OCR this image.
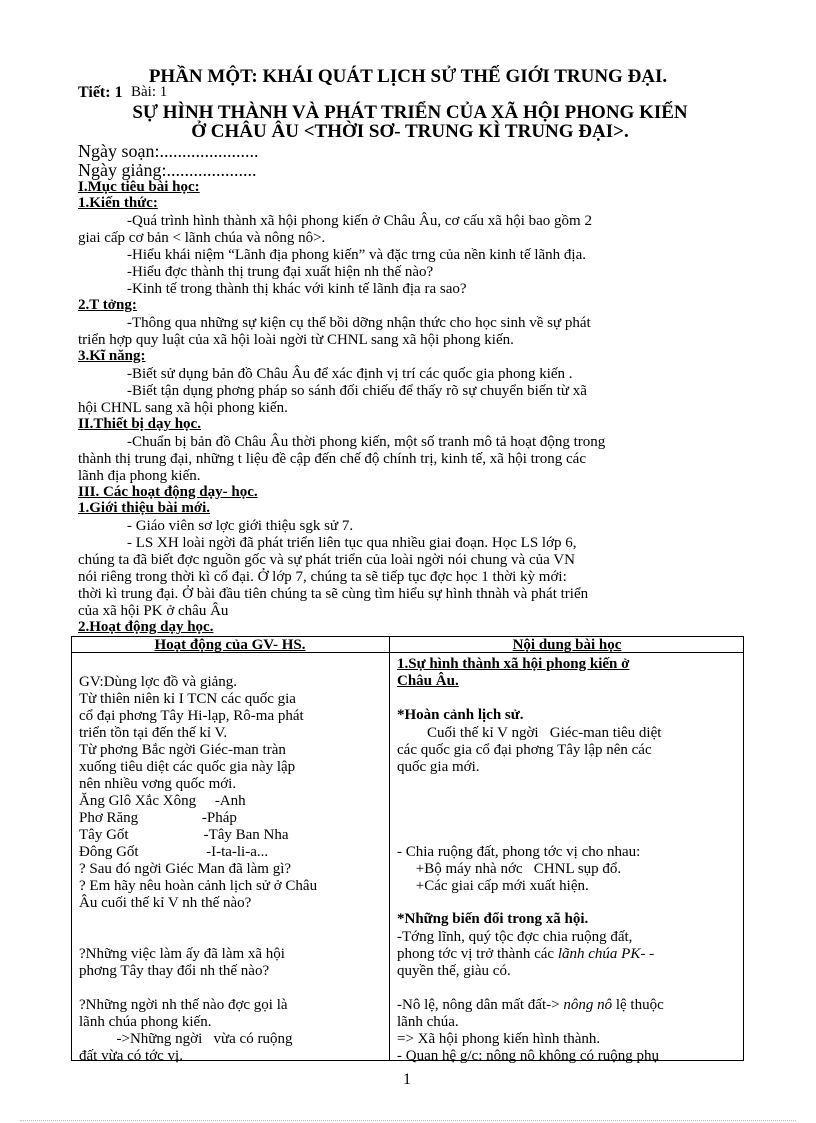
PHẦN MỘT: KHÁI QUÁT LỊCH SỬ THẾ GIỚI TRUNG ĐẠI.
Tiết: 1 Bài: 1
SỰ HÌNH THÀNH VÀ PHÁT TRIỂN CỦA XÃ HỘI PHONG KIẾN
Ở CHÂU ÂU <THỜI SƠ- TRUNG KÌ TRUNG ĐẠI>.
Ngày soạn:......................
Ngày giảng:....................
I.Mục tiêu bài học:
1.Kiến thức:
-Quá trình hình thành xã hội phong kiến ở Châu Âu, cơ cấu xã hội bao gồm 2
giai cấp cơ bản < lãnh chúa và nông nô>.
-Hiểu khái niệm “Lãnh địa phong kiến” và đặc trng của nền kinh tế lãnh địa.
-Hiểu đợc thành thị trung đại xuất hiện nh thế nào?
-Kinh tế trong thành thị khác với kinh tế lãnh địa ra sao?
2.T tởng:
-Thông qua những sự kiện cụ thể bồi dỡng nhận thức cho học sinh về sự phát
triển hợp quy luật của xã hội loài ngời từ CHNL sang xã hội phong kiến.
3.Kĩ năng:
-Biết sử dụng bản đồ Châu Âu để xác định vị trí các quốc gia phong kiến .
-Biết tận dụng phơng pháp so sánh đối chiếu để thấy rõ sự chuyển biến từ xã
hội CHNL sang xã hội phong kiến.
II.Thiết bị dạy học.
-Chuẩn bị bản đồ Châu Âu thời phong kiến, một số tranh mô tả hoạt động trong
thành thị trung đại, những t liệu đề cập đến chế độ chính trị, kinh tế, xã hội trong các
lãnh địa phong kiến.
III. Các hoạt động dạy- học.
1.Giới thiệu bài mới.
- Giáo viên sơ lợc giới thiệu sgk sử 7.
- LS XH loài ngời đã phát triển liên tục qua nhiều giai đoạn. Học LS lớp 6,
chúng ta đã biết đợc nguồn gốc và sự phát triển của loài ngời nói chung và của VN
nói riêng trong thời kì cổ đại. Ở lớp 7, chúng ta sẽ tiếp tục đợc học 1 thời kỳ mới:
thời kì trung đại. Ở bài đầu tiên chúng ta sẽ cùng tìm hiểu sự hình thnàh và phát triển
của xã hội PK ở châu Âu
2.Hoạt động dạy học.
Hoạt động của GV- HS.	Nội dung bài học
GV:Dùng lợc đồ và giảng.
Từ thiên niên kỉ I TCN các quốc gia
cổ đại phơng Tây Hi-lạp, Rô-ma phát
triển tồn tại đến thế kỉ V.
Từ phơng Bắc ngời Giéc-man tràn
xuống tiêu diệt các quốc gia này lập
nên nhiều vơng quốc mới.
Ăng Glô Xắc Xông     -Anh
Phơ Răng                 -Pháp
Tây Gốt                    -Tây Ban Nha
Đông Gốt                  -I-ta-li-a...
? Sau đó ngời Giéc Man đã làm gì?
? Em hãy nêu hoàn cảnh lịch sử ở Châu
Âu cuối thế kỉ V nh thế nào?
?Những việc làm ấy đã làm xã hội
phơng Tây thay đổi nh thế nào?
?Những ngời nh thế nào đợc gọi là
lãnh chúa phong kiến.
->Những ngời   vừa có ruộng
đất vừa có tớc vị.
1.Sự hình thành xã hội phong kiến ở
Châu Âu.
*Hoàn cảnh lịch sử.
Cuối thế kỉ V ngời   Giéc-man tiêu diệt
các quốc gia cổ đại phơng Tây lập nên các
quốc gia mới.
- Chia ruộng đất, phong tớc vị cho nhau:
+Bộ máy nhà nớc   CHNL sụp đổ.
+Các giai cấp mới xuất hiện.
*Những biến đổi trong xã hội.
-Tớng lĩnh, quý tộc đợc chia ruộng đất,
phong tớc vị trở thành các lãnh chúa PK- -
quyền thế, giàu có.
-Nô lệ, nông dân mất đất-> nông nô lệ thuộc
lãnh chúa.
=> Xã hội phong kiến hình thành.
- Quan hệ g/c: nông nô không có ruộng phụ
1
